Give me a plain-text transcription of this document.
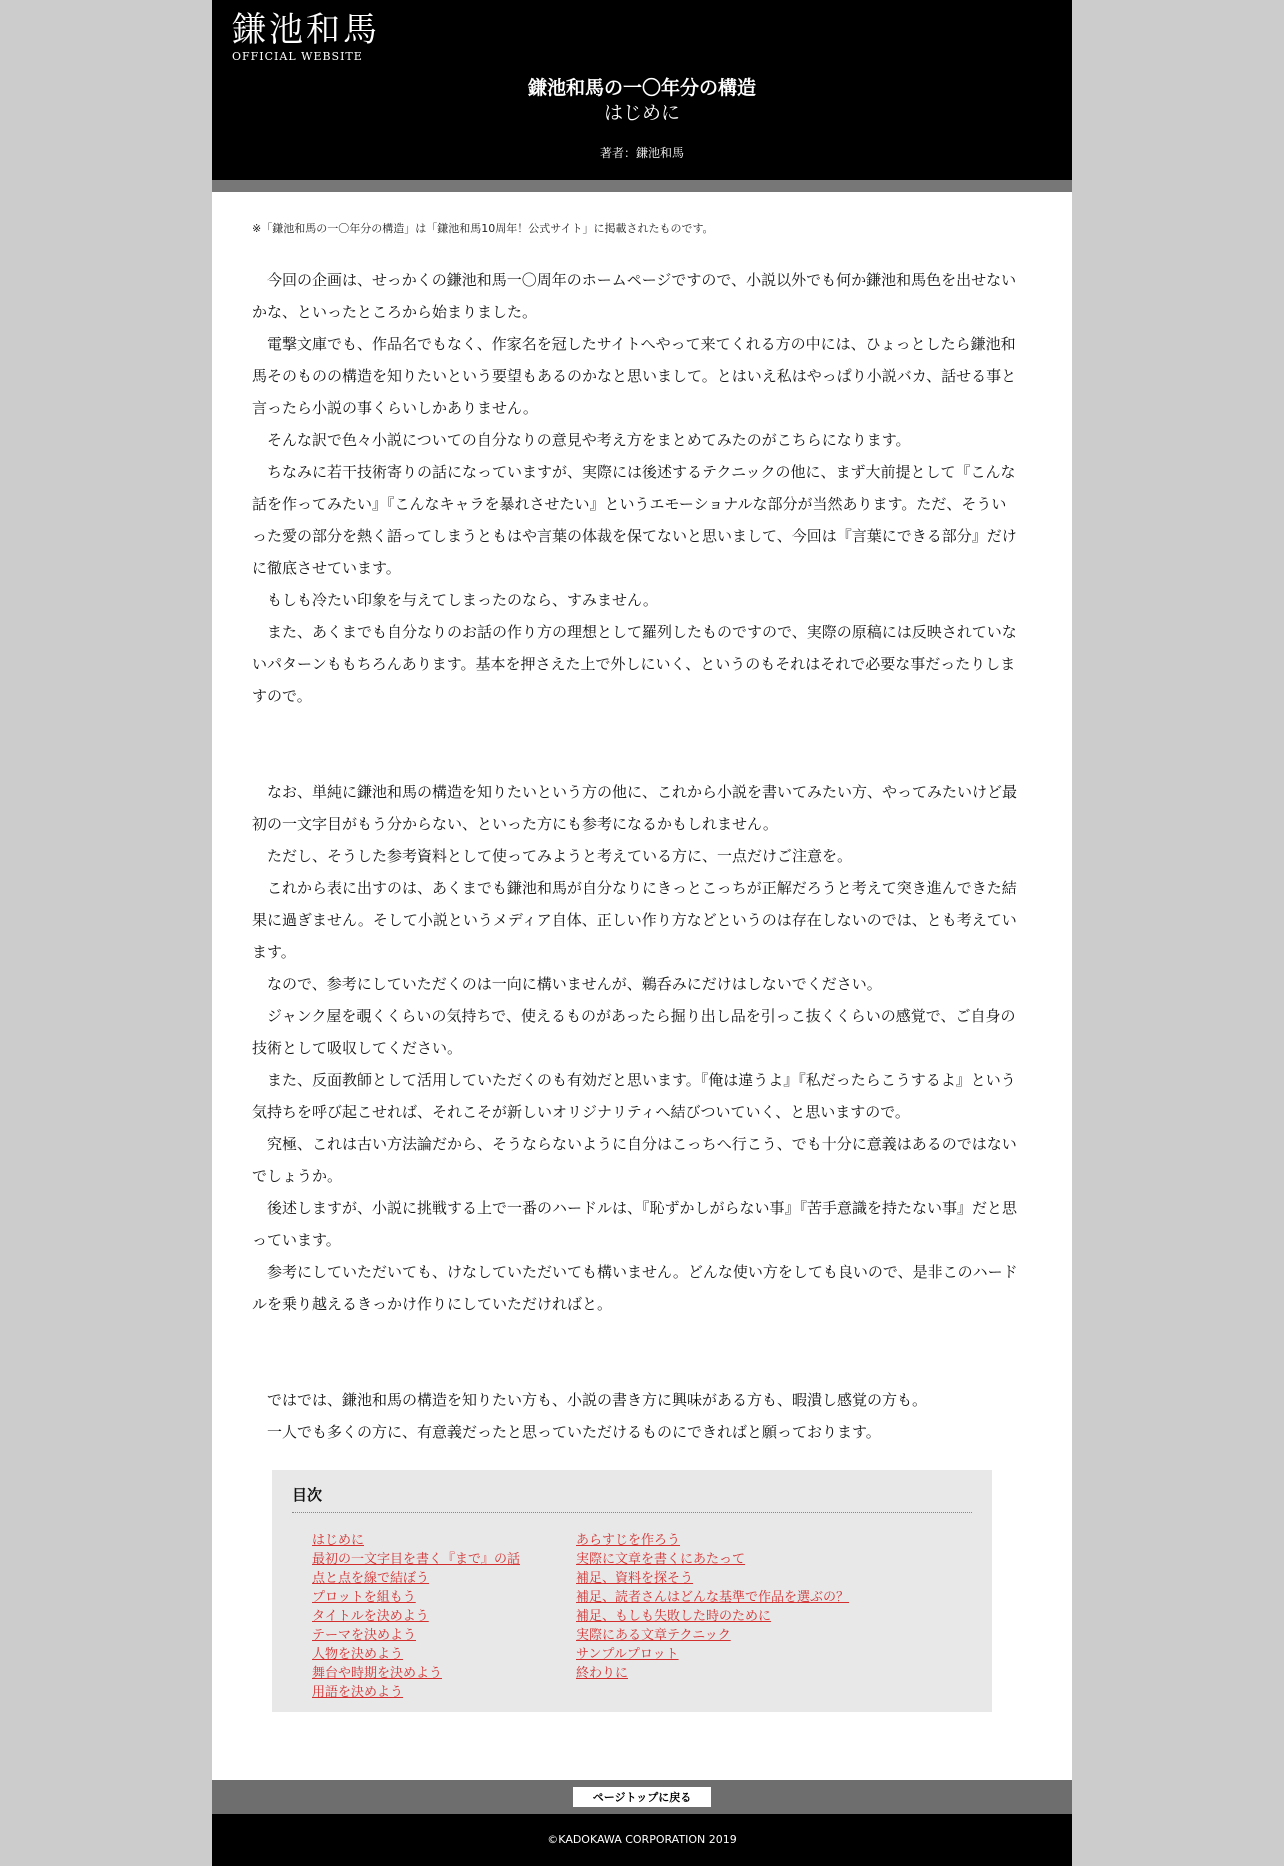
鎌池和馬
OFFICIAL WEBSITE
鎌池和馬の一〇年分の構造
はじめに
著者：鎌池和馬

※「鎌池和馬の一〇年分の構造」は「鎌池和馬10周年！公式サイト」に掲載されたものです。

今回の企画は、せっかくの鎌池和馬一〇周年のホームページですので、小説以外でも何か鎌池和馬色を出せないかな、といったところから始まりました。

電撃文庫でも、作品名でもなく、作家名を冠したサイトへやって来てくれる方の中には、ひょっとしたら鎌池和馬そのものの構造を知りたいという要望もあるのかなと思いまして。とはいえ私はやっぱり小説バカ、話せる事と言ったら小説の事くらいしかありません。

そんな訳で色々小説についての自分なりの意見や考え方をまとめてみたのがこちらになります。

ちなみに若干技術寄りの話になっていますが、実際には後述するテクニックの他に、まず大前提として『こんな話を作ってみたい』『こんなキャラを暴れさせたい』というエモーショナルな部分が当然あります。ただ、そういった愛の部分を熱く語ってしまうともはや言葉の体裁を保てないと思いまして、今回は『言葉にできる部分』だけに徹底させています。

もしも冷たい印象を与えてしまったのなら、すみません。

また、あくまでも自分なりのお話の作り方の理想として羅列したものですので、実際の原稿には反映されていないパターンももちろんあります。基本を押さえた上で外しにいく、というのもそれはそれで必要な事だったりしますので。

なお、単純に鎌池和馬の構造を知りたいという方の他に、これから小説を書いてみたい方、やってみたいけど最初の一文字目がもう分からない、といった方にも参考になるかもしれません。

ただし、そうした参考資料として使ってみようと考えている方に、一点だけご注意を。

これから表に出すのは、あくまでも鎌池和馬が自分なりにきっとこっちが正解だろうと考えて突き進んできた結果に過ぎません。そして小説というメディア自体、正しい作り方などというのは存在しないのでは、とも考えています。

なので、参考にしていただくのは一向に構いませんが、鵜呑みにだけはしないでください。

ジャンク屋を覗くくらいの気持ちで、使えるものがあったら掘り出し品を引っこ抜くくらいの感覚で、ご自身の技術として吸収してください。

また、反面教師として活用していただくのも有効だと思います。『俺は違うよ』『私だったらこうするよ』という気持ちを呼び起こせれば、それこそが新しいオリジナリティへ結びついていく、と思いますので。

究極、これは古い方法論だから、そうならないように自分はこっちへ行こう、でも十分に意義はあるのではないでしょうか。

後述しますが、小説に挑戦する上で一番のハードルは、『恥ずかしがらない事』『苦手意識を持たない事』だと思っています。

参考にしていただいても、けなしていただいても構いません。どんな使い方をしても良いので、是非このハードルを乗り越えるきっかけ作りにしていただければと。

ではでは、鎌池和馬の構造を知りたい方も、小説の書き方に興味がある方も、暇潰し感覚の方も。

一人でも多くの方に、有意義だったと思っていただけるものにできればと願っております。

目次
はじめに
最初の一文字目を書く『まで』の話
点と点を線で結ぼう
プロットを組もう
タイトルを決めよう
テーマを決めよう
人物を決めよう
舞台や時期を決めよう
用語を決めよう
あらすじを作ろう
実際に文章を書くにあたって
補足、資料を探そう
補足、読者さんはどんな基準で作品を選ぶの？
補足、もしも失敗した時のために
実際にある文章テクニック
サンプルプロット
終わりに
ページトップに戻る
©KADOKAWA CORPORATION 2019
